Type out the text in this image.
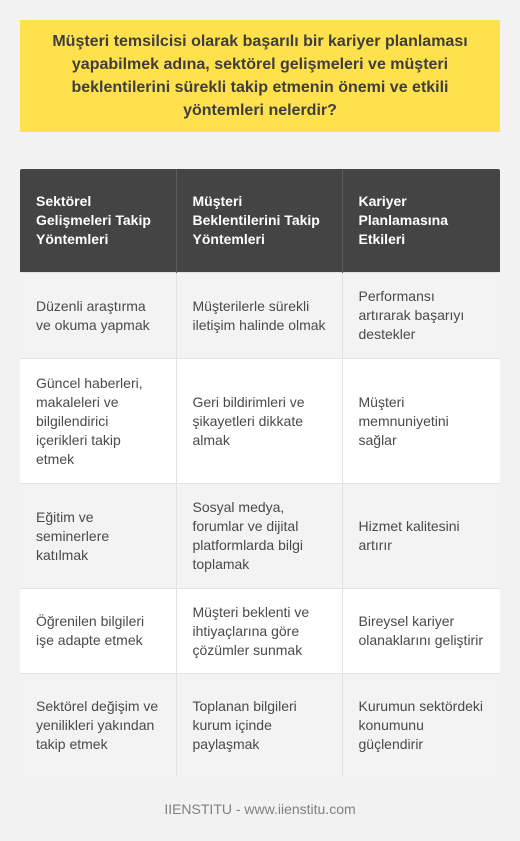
Müşteri temsilcisi olarak başarılı bir kariyer planlaması yapabilmek adına, sektörel gelişmeleri ve müşteri beklentilerini sürekli takip etmenin önemi ve etkili yöntemleri nelerdir?
Sektörel Gelişmeleri Takip Yöntemleri	Müşteri Beklentilerini Takip Yöntemleri	Kariyer Planlamasına Etkileri
Düzenli araştırma ve okuma yapmak	Müşterilerle sürekli iletişim halinde olmak	Performansı artırarak başarıyı destekler
Güncel haberleri, makaleleri ve bilgilendirici içerikleri takip etmek	Geri bildirimleri ve şikayetleri dikkate almak	Müşteri memnuniyetini sağlar
Eğitim ve seminerlere katılmak	Sosyal medya, forumlar ve dijital platformlarda bilgi toplamak	Hizmet kalitesini artırır
Öğrenilen bilgileri işe adapte etmek	Müşteri beklenti ve ihtiyaçlarına göre çözümler sunmak	Bireysel kariyer olanaklarını geliştirir
Sektörel değişim ve yenilikleri yakından takip etmek	Toplanan bilgileri kurum içinde paylaşmak	Kurumun sektördeki konumunu güçlendirir
IIENSTITU - www.iienstitu.com
